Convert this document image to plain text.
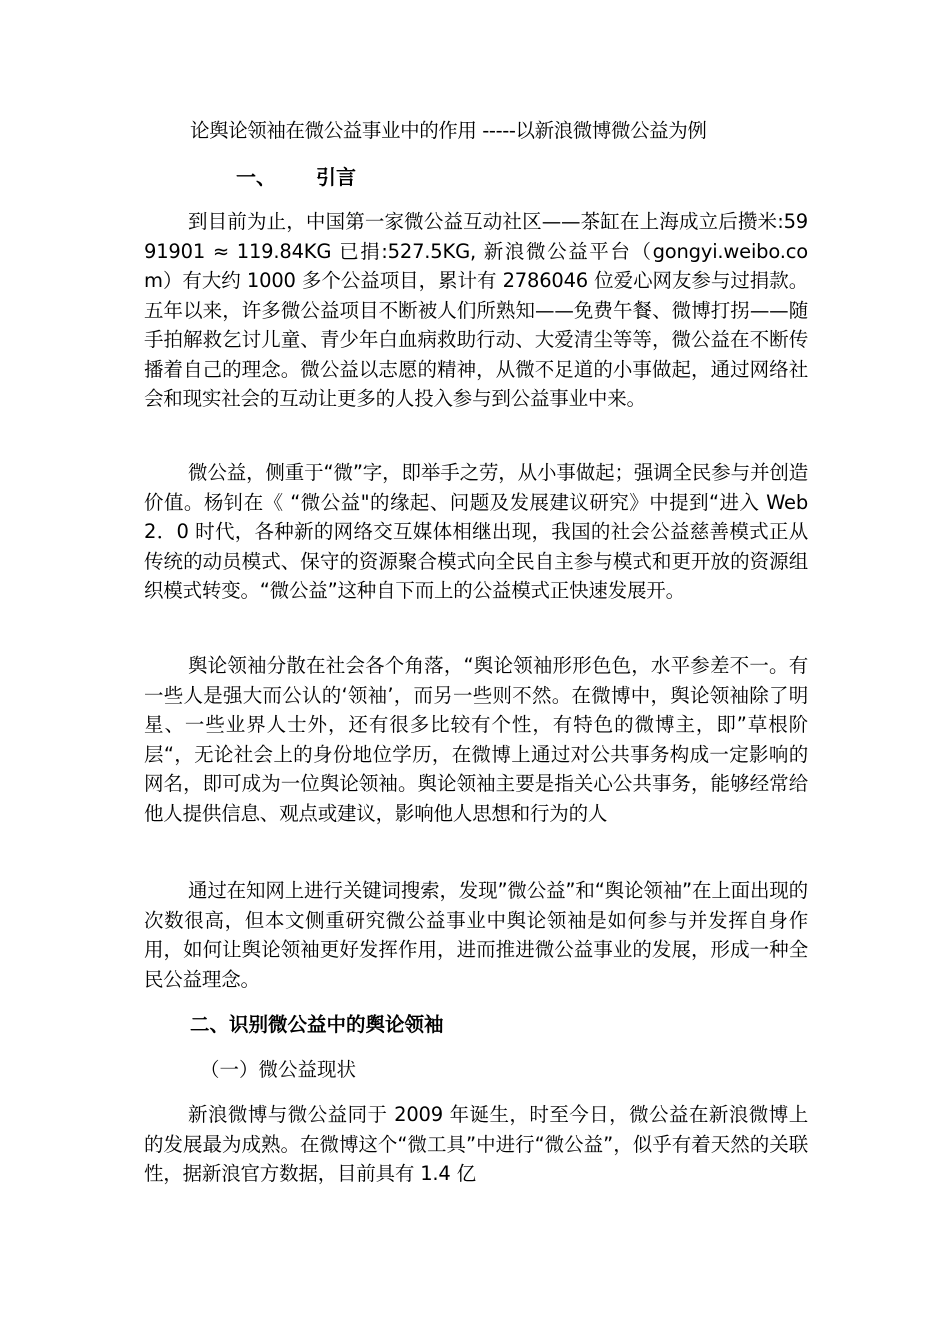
论舆论领袖在微公益事业中的作用 -----以新浪微博微公益为例
一、 引言
到目前为止，中国第一家微公益互动社区——茶缸在上海成立后攒米:5991901 ≈ 119.84KG 已捐:527.5KG, 新浪微公益平台（gongyi.weibo.com）有大约 1000 多个公益项目，累计有 2786046 位爱心网友参与过捐款。五年以来，许多微公益项目不断被人们所熟知——免费午餐、微博打拐——随手拍解救乞讨儿童、青少年白血病救助行动、大爱清尘等等，微公益在不断传播着自己的理念。微公益以志愿的精神，从微不足道的小事做起，通过网络社会和现实社会的互动让更多的人投入参与到公益事业中来。
微公益，侧重于“微”字，即举手之劳，从小事做起；强调全民参与并创造价值。杨钊在《 “微公益"的缘起、问题及发展建议研究》中提到“进入 Web2．0 时代，各种新的网络交互媒体相继出现，我国的社会公益慈善模式正从传统的动员模式、保守的资源聚合模式向全民自主参与模式和更开放的资源组织模式转变。“微公益”这种自下而上的公益模式正快速发展开。
舆论领袖分散在社会各个角落，“舆论领袖形形色色，水平参差不一。有一些人是强大而公认的‘领袖’，而另一些则不然。在微博中，舆论领袖除了明星、一些业界人士外，还有很多比较有个性，有特色的微博主，即”草根阶层“，无论社会上的身份地位学历，在微博上通过对公共事务构成一定影响的网名，即可成为一位舆论领袖。舆论领袖主要是指关心公共事务，能够经常给他人提供信息、观点或建议，影响他人思想和行为的人
通过在知网上进行关键词搜索，发现”微公益”和“舆论领袖”在上面出现的次数很高，但本文侧重研究微公益事业中舆论领袖是如何参与并发挥自身作用，如何让舆论领袖更好发挥作用，进而推进微公益事业的发展，形成一种全民公益理念。
二、识别微公益中的舆论领袖
（一）微公益现状
新浪微博与微公益同于 2009 年诞生，时至今日，微公益在新浪微博上的发展最为成熟。在微博这个“微工具”中进行“微公益”，似乎有着天然的关联性，据新浪官方数据，目前具有 1.4 亿
